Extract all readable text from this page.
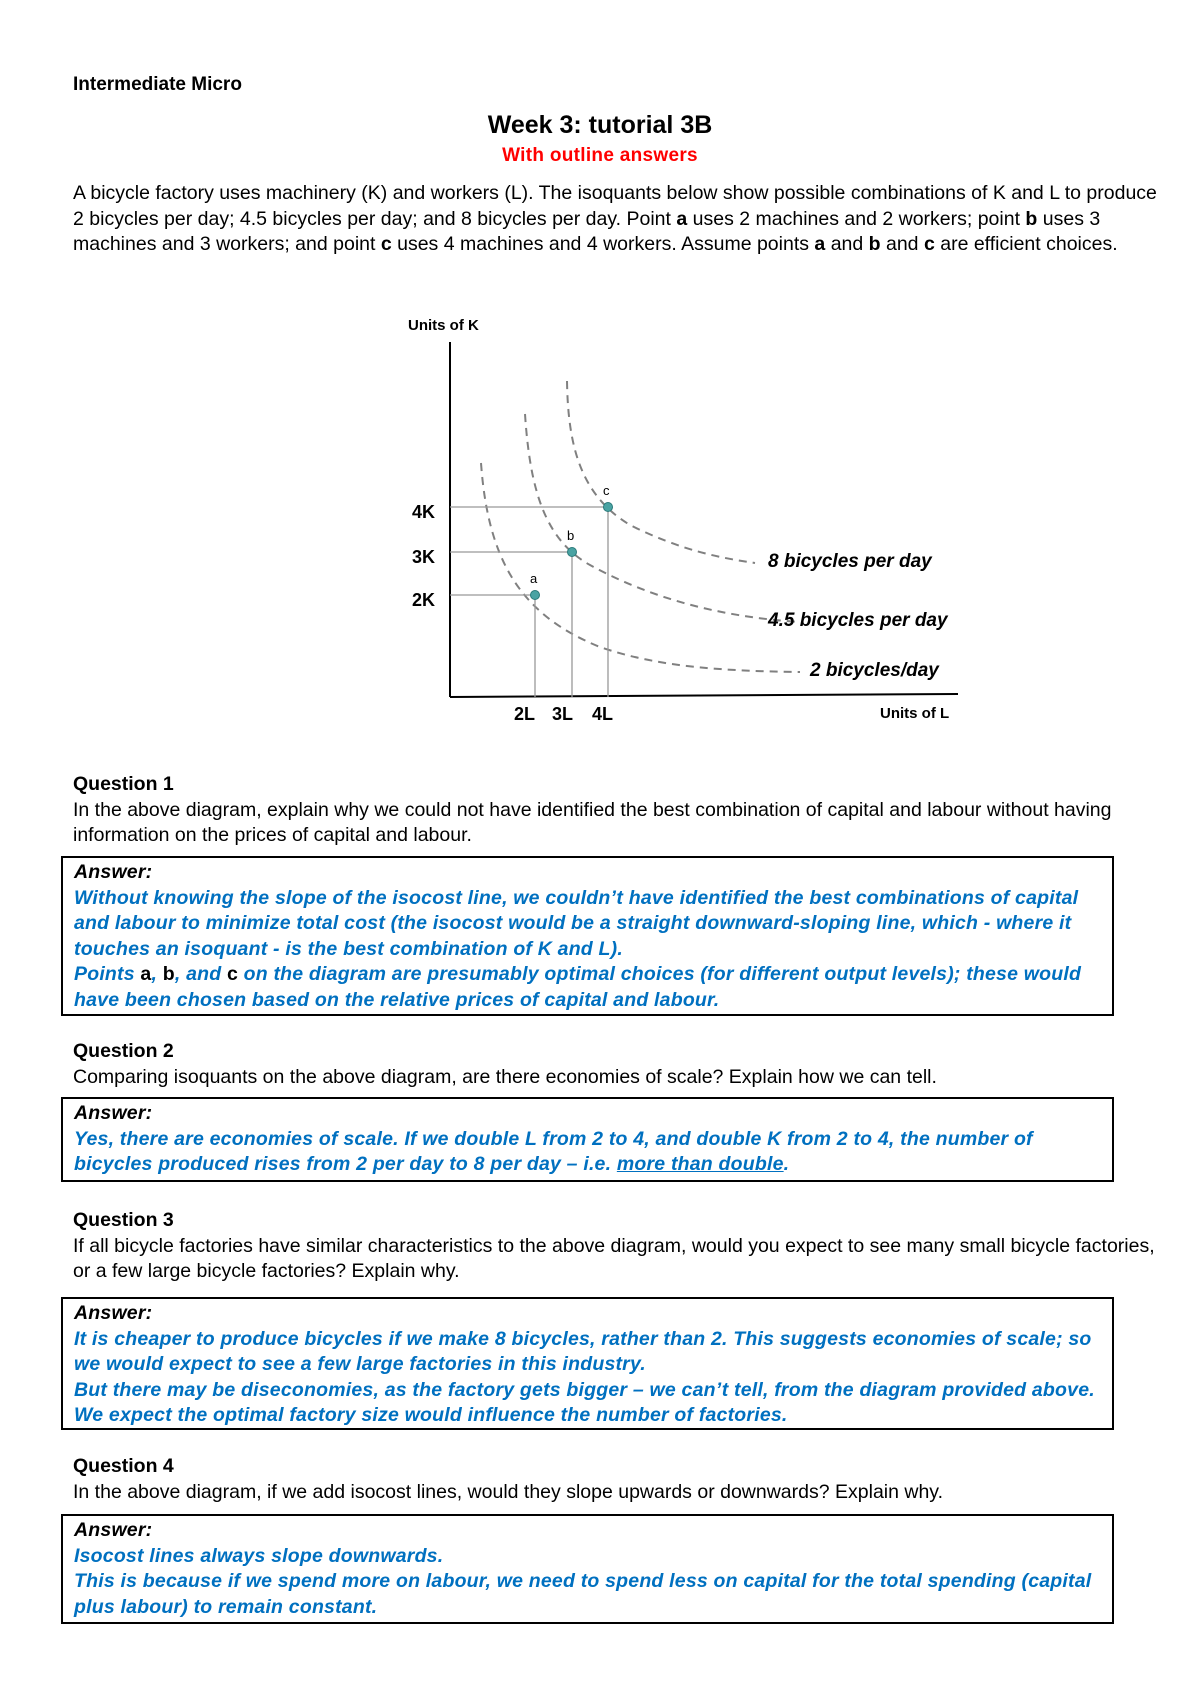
Intermediate Micro
Week 3: tutorial 3B
With outline answers
A bicycle factory uses machinery (K) and workers (L). The isoquants below show possible combinations of K and L to produce 2 bicycles per day; 4.5 bicycles per day; and 8 bicycles per day. Point a uses 2 machines and 2 workers; point b uses 3 machines and 3 workers; and point c uses 4 machines and 4 workers. Assume points a and b and c are efficient choices.
Units of K
Units of L
2 bicycles/day
4.5 bicycles per day
8 bicycles per day
a
b
c
4K
3K
2K
2L 3L 4L
Question 1
In the above diagram, explain why we could not have identified the best combination of capital and labour without having information on the prices of capital and labour.
Answer:
Without knowing the slope of the isocost line, we couldn’t have identified the best combinations of capital and labour to minimize total cost (the isocost would be a straight downward-sloping line, which - where it touches an isoquant - is the best combination of K and L).
Points a, b, and c on the diagram are presumably optimal choices (for different output levels); these would have been chosen based on the relative prices of capital and labour.
Question 2
Comparing isoquants on the above diagram, are there economies of scale? Explain how we can tell.
Answer:
Yes, there are economies of scale. If we double L from 2 to 4, and double K from 2 to 4, the number of bicycles produced rises from 2 per day to 8 per day – i.e. more than double.
Question 3
If all bicycle factories have similar characteristics to the above diagram, would you expect to see many small bicycle factories, or a few large bicycle factories? Explain why.
Answer:
It is cheaper to produce bicycles if we make 8 bicycles, rather than 2. This suggests economies of scale; so we would expect to see a few large factories in this industry.
But there may be diseconomies, as the factory gets bigger – we can’t tell, from the diagram provided above. We expect the optimal factory size would influence the number of factories.
Question 4
In the above diagram, if we add isocost lines, would they slope upwards or downwards? Explain why.
Answer:
Isocost lines always slope downwards.
This is because if we spend more on labour, we need to spend less on capital for the total spending (capital plus labour) to remain constant.
